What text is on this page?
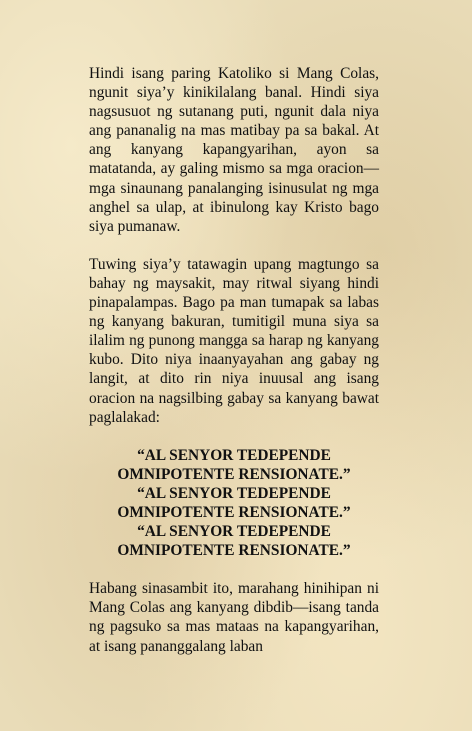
Hindi isang paring Katoliko si Mang Colas, ngunit siya’y kinikilalang banal. Hindi siya nagsusuot ng sutanang puti, ngunit dala niya ang pananalig na mas matibay pa sa bakal. At ang kanyang kapangyarihan, ayon sa matatanda, ay galing mismo sa mga oracion—mga sinaunang panalanging isinusulat ng mga anghel sa ulap, at ibinulong kay Kristo bago siya pumanaw.

Tuwing siya’y tatawagin upang magtungo sa bahay ng maysakit, may ritwal siyang hindi pinapalampas. Bago pa man tumapak sa labas ng kanyang bakuran, tumitigil muna siya sa ilalim ng punong mangga sa harap ng kanyang kubo. Dito niya inaanyayahan ang gabay ng langit, at dito rin niya inuusal ang isang oracion na nagsilbing gabay sa kanyang bawat paglalakad:

“AL SENYOR TEDEPENDE
OMNIPOTENTE RENSIONATE.”
“AL SENYOR TEDEPENDE
OMNIPOTENTE RENSIONATE.”
“AL SENYOR TEDEPENDE
OMNIPOTENTE RENSIONATE.”

Habang sinasambit ito, marahang hinihipan ni Mang Colas ang kanyang dibdib—isang tanda ng pagsuko sa mas mataas na kapangyarihan, at isang pananggalang laban
